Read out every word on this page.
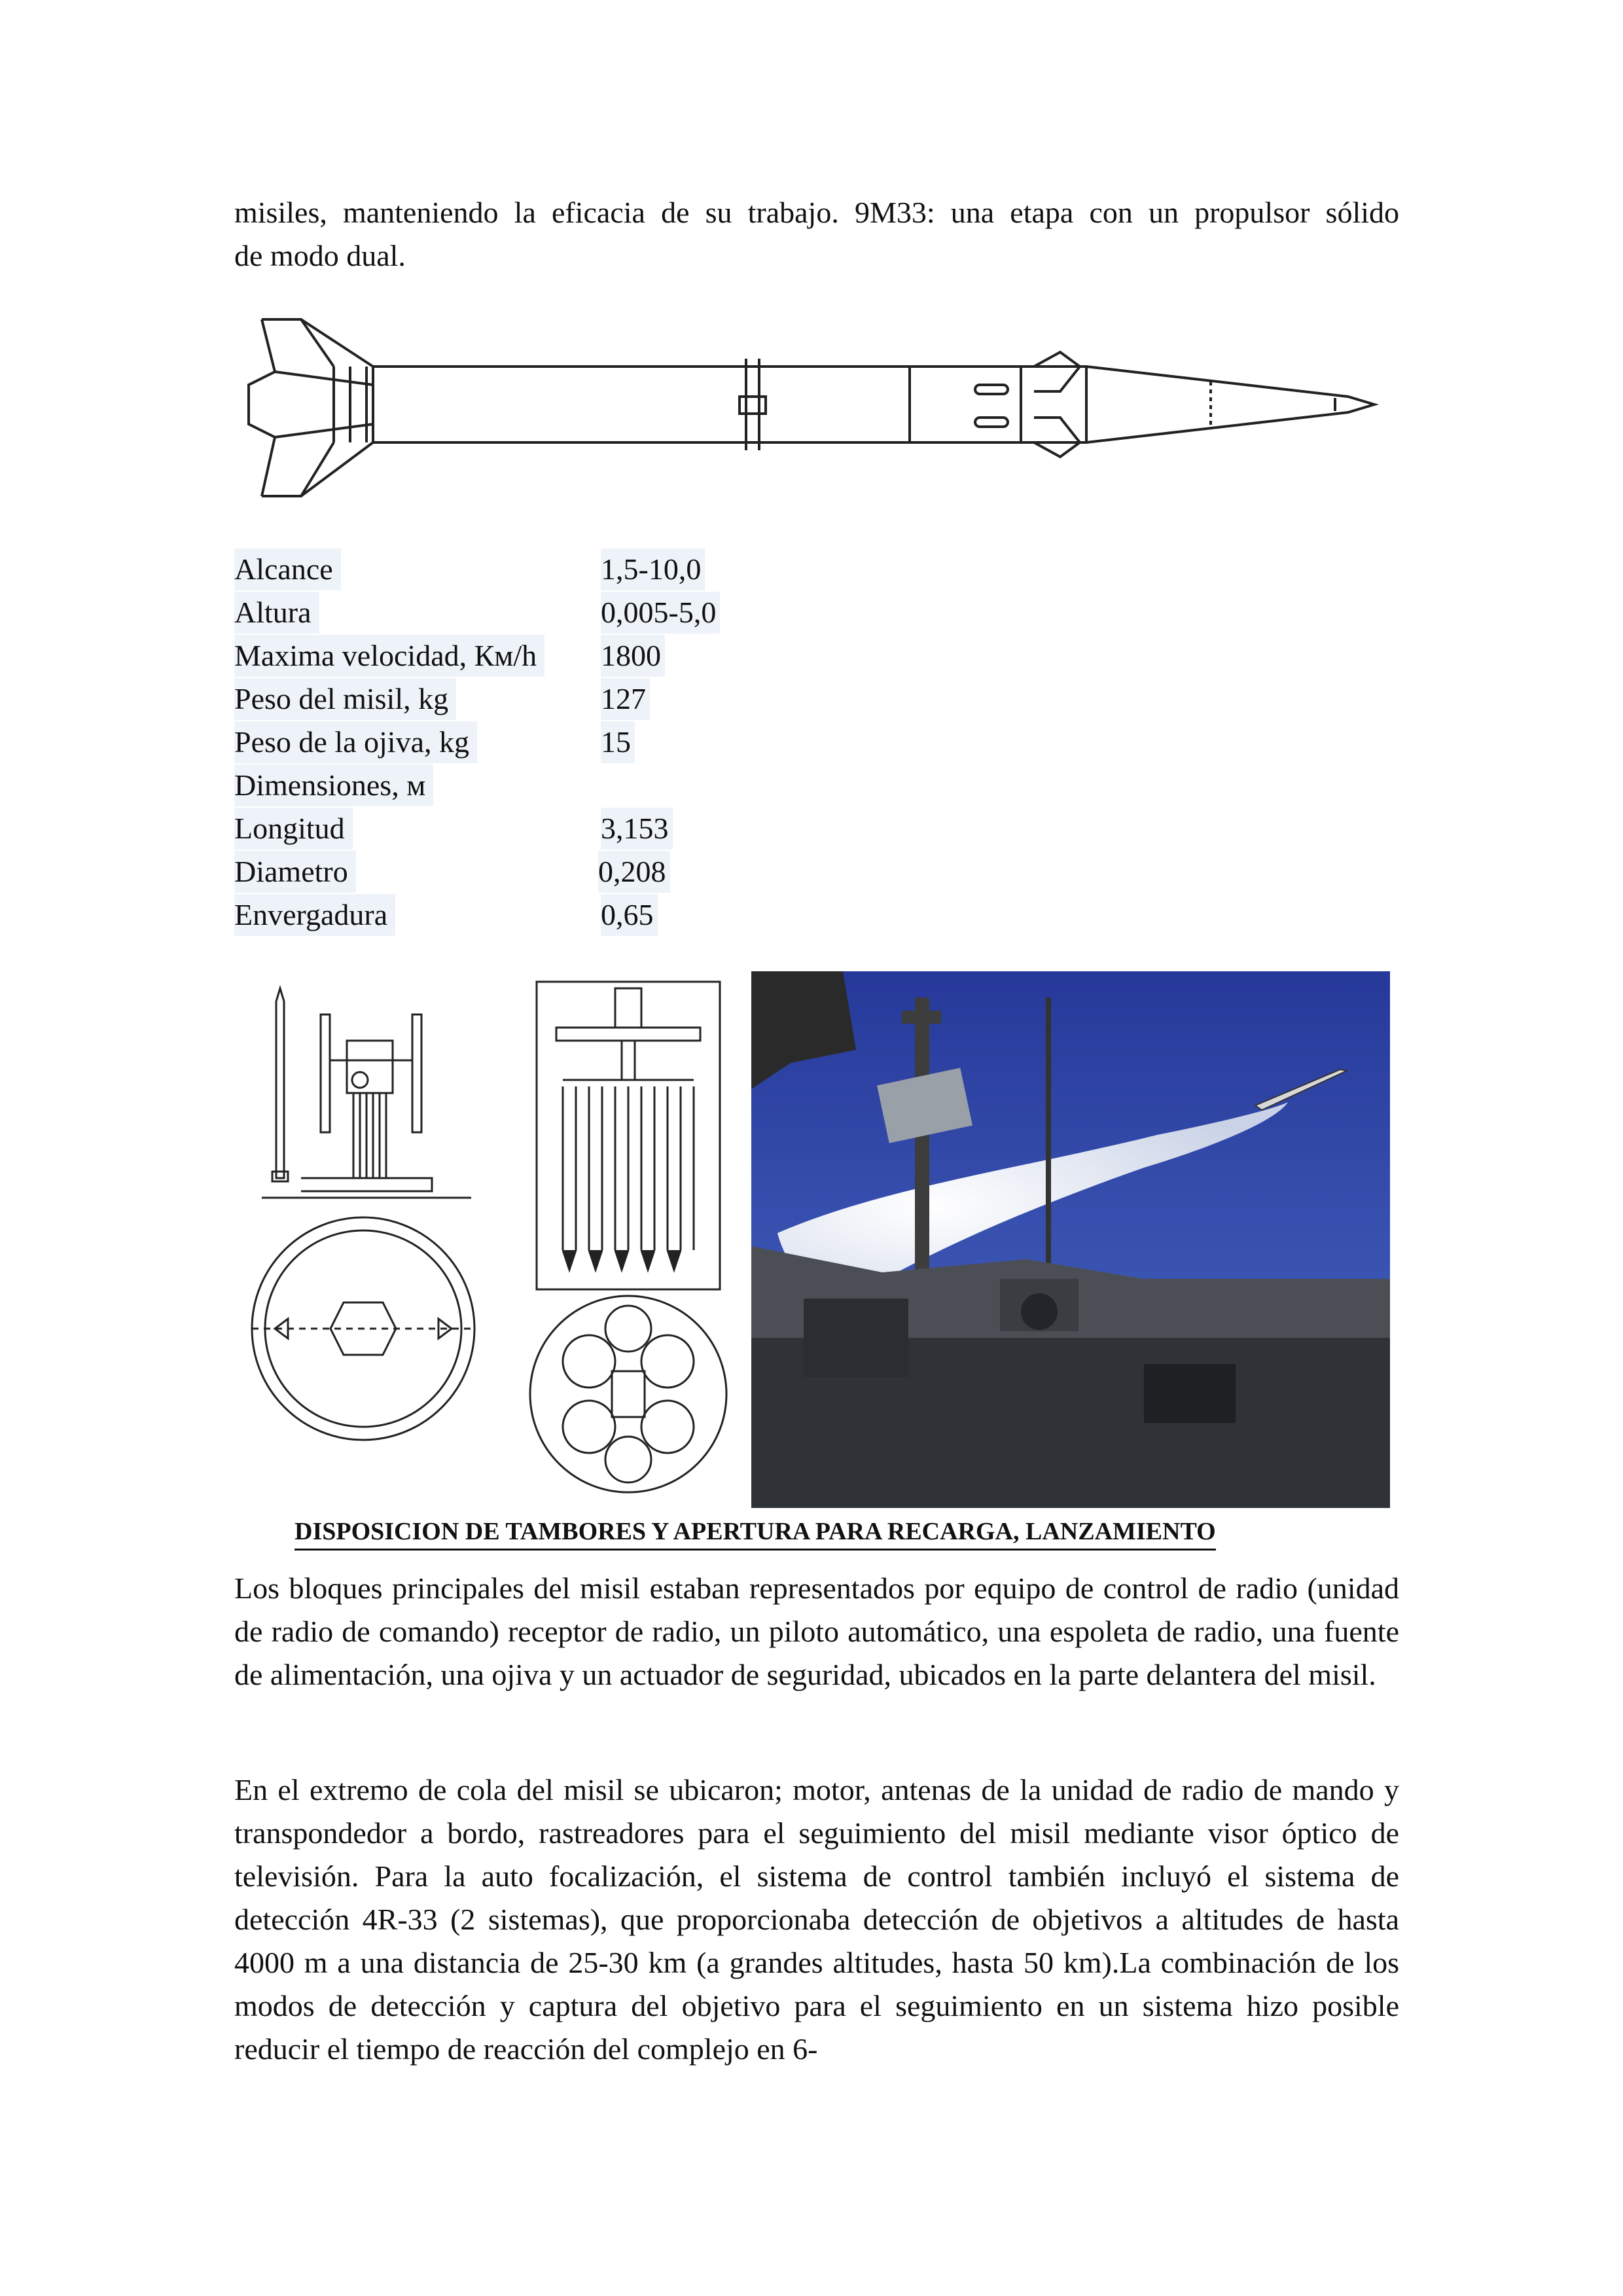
misiles, manteniendo la eficacia de su trabajo. 9M33: una etapa con un propulsor sólido
de modo dual.
Alcance	1,5-10,0
Altura	0,005-5,0
Maxima velocidad, Км/h 1800
Peso del misil, kg	127
Peso de la ojiva, kg	15
Dimensiones, м
Longitud	3,153
Diametro	0,208
Envergadura	0,65
DISPOSICION DE TAMBORES Y APERTURA PARA RECARGA, LANZAMIENTO
Los bloques principales del misil estaban representados por equipo de control de radio (unidad de radio de comando) receptor de radio, un piloto automático, una espoleta de radio, una fuente de alimentación, una ojiva y un actuador de seguridad, ubicados en la parte delantera del misil.
En el extremo de cola del misil se ubicaron; motor, antenas de la unidad de radio de mando y transpondedor a bordo, rastreadores para el seguimiento del misil mediante visor óptico de televisión. Para la auto focalización, el sistema de control también incluyó el sistema de detección 4R-33 (2 sistemas), que proporcionaba detección de objetivos a altitudes de hasta 4000 m a una distancia de 25-30 km (a grandes altitudes, hasta 50 km).La combinación de los modos de detección y captura del objetivo para el seguimiento en un sistema hizo posible reducir el tiempo de reacción del complejo en 6-
